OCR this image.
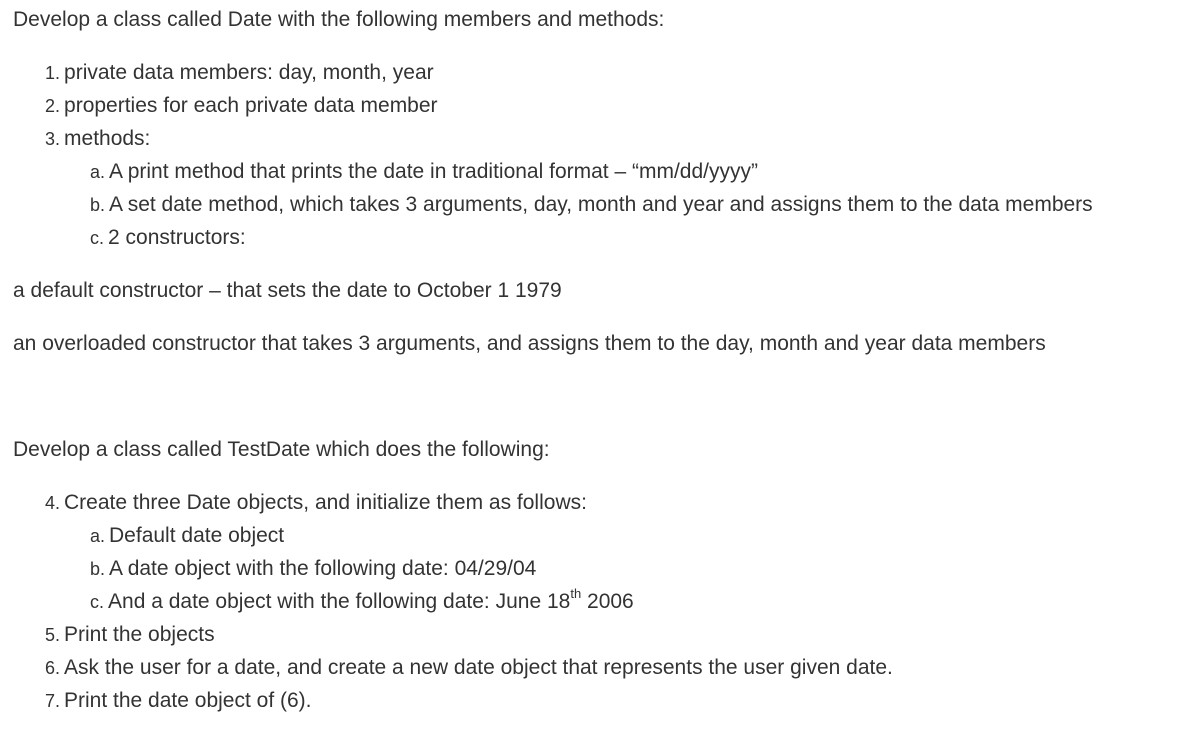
Develop a class called Date with the following members and methods:
1. private data members: day, month, year
2. properties for each private data member
3. methods:
a. A print method that prints the date in traditional format – “mm/dd/yyyy”
b. A set date method, which takes 3 arguments, day, month and year and assigns them to the data members
c. 2 constructors:
a default constructor – that sets the date to October 1 1979
an overloaded constructor that takes 3 arguments, and assigns them to the day, month and year data members
Develop a class called TestDate which does the following:
4. Create three Date objects, and initialize them as follows:
a. Default date object
b. A date object with the following date: 04/29/04
c. And a date object with the following date: June 18th 2006
5. Print the objects
6. Ask the user for a date, and create a new date object that represents the user given date.
7. Print the date object of (6).
